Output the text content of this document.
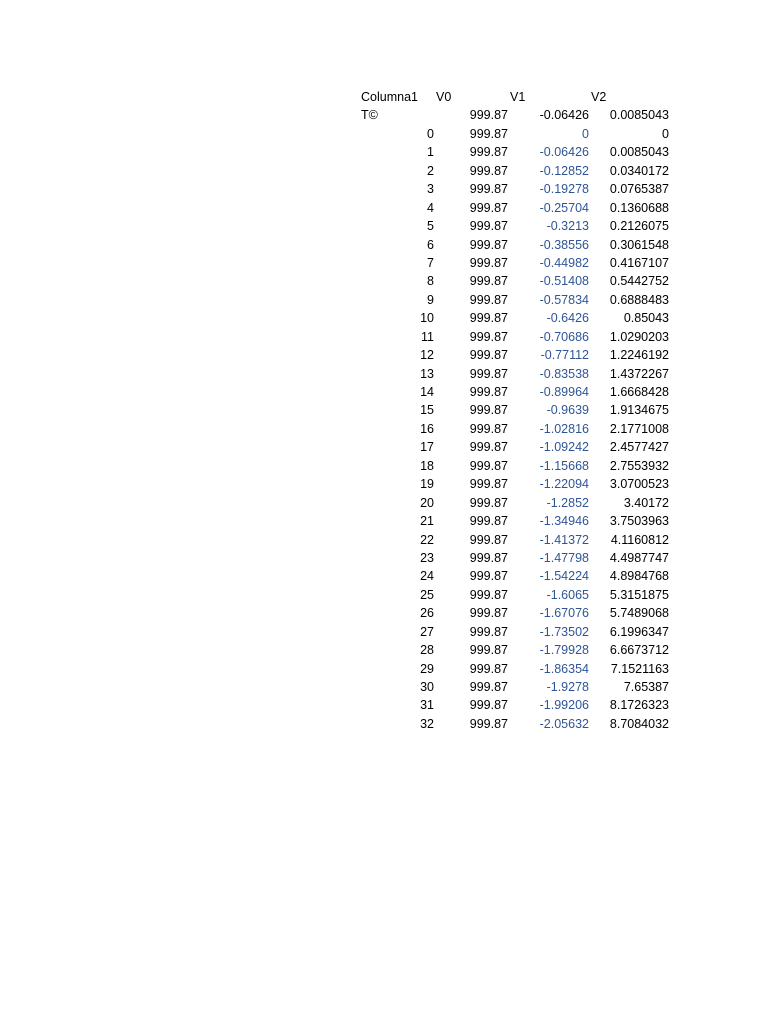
Columna1 V0	V1	V2
T©	999.87	-0.06426 0.0085043
0	999.87	0	0
1	999.87	-0.06426 0.0085043
2	999.87	-0.12852 0.0340172
3	999.87	-0.19278 0.0765387
4	999.87	-0.25704 0.1360688
5	999.87	-0.3213 0.2126075
6	999.87	-0.38556 0.3061548
7	999.87	-0.44982 0.4167107
8	999.87	-0.51408 0.5442752
9	999.87	-0.57834 0.6888483
10	999.87	-0.6426	0.85043
11	999.87	-0.70686 1.0290203
12	999.87	-0.77112 1.2246192
13	999.87	-0.83538 1.4372267
14	999.87	-0.89964 1.6668428
15	999.87	-0.9639 1.9134675
16	999.87	-1.02816 2.1771008
17	999.87	-1.09242 2.4577427
18	999.87	-1.15668 2.7553932
19	999.87	-1.22094 3.0700523
20	999.87	-1.2852	3.40172
21	999.87	-1.34946 3.7503963
22	999.87	-1.41372 4.1160812
23	999.87	-1.47798 4.4987747
24	999.87	-1.54224 4.8984768
25	999.87	-1.6065 5.3151875
26	999.87	-1.67076 5.7489068
27	999.87	-1.73502 6.1996347
28	999.87	-1.79928 6.6673712
29	999.87	-1.86354 7.1521163
30	999.87	-1.9278	7.65387
31	999.87	-1.99206 8.1726323
32	999.87	-2.05632 8.7084032
